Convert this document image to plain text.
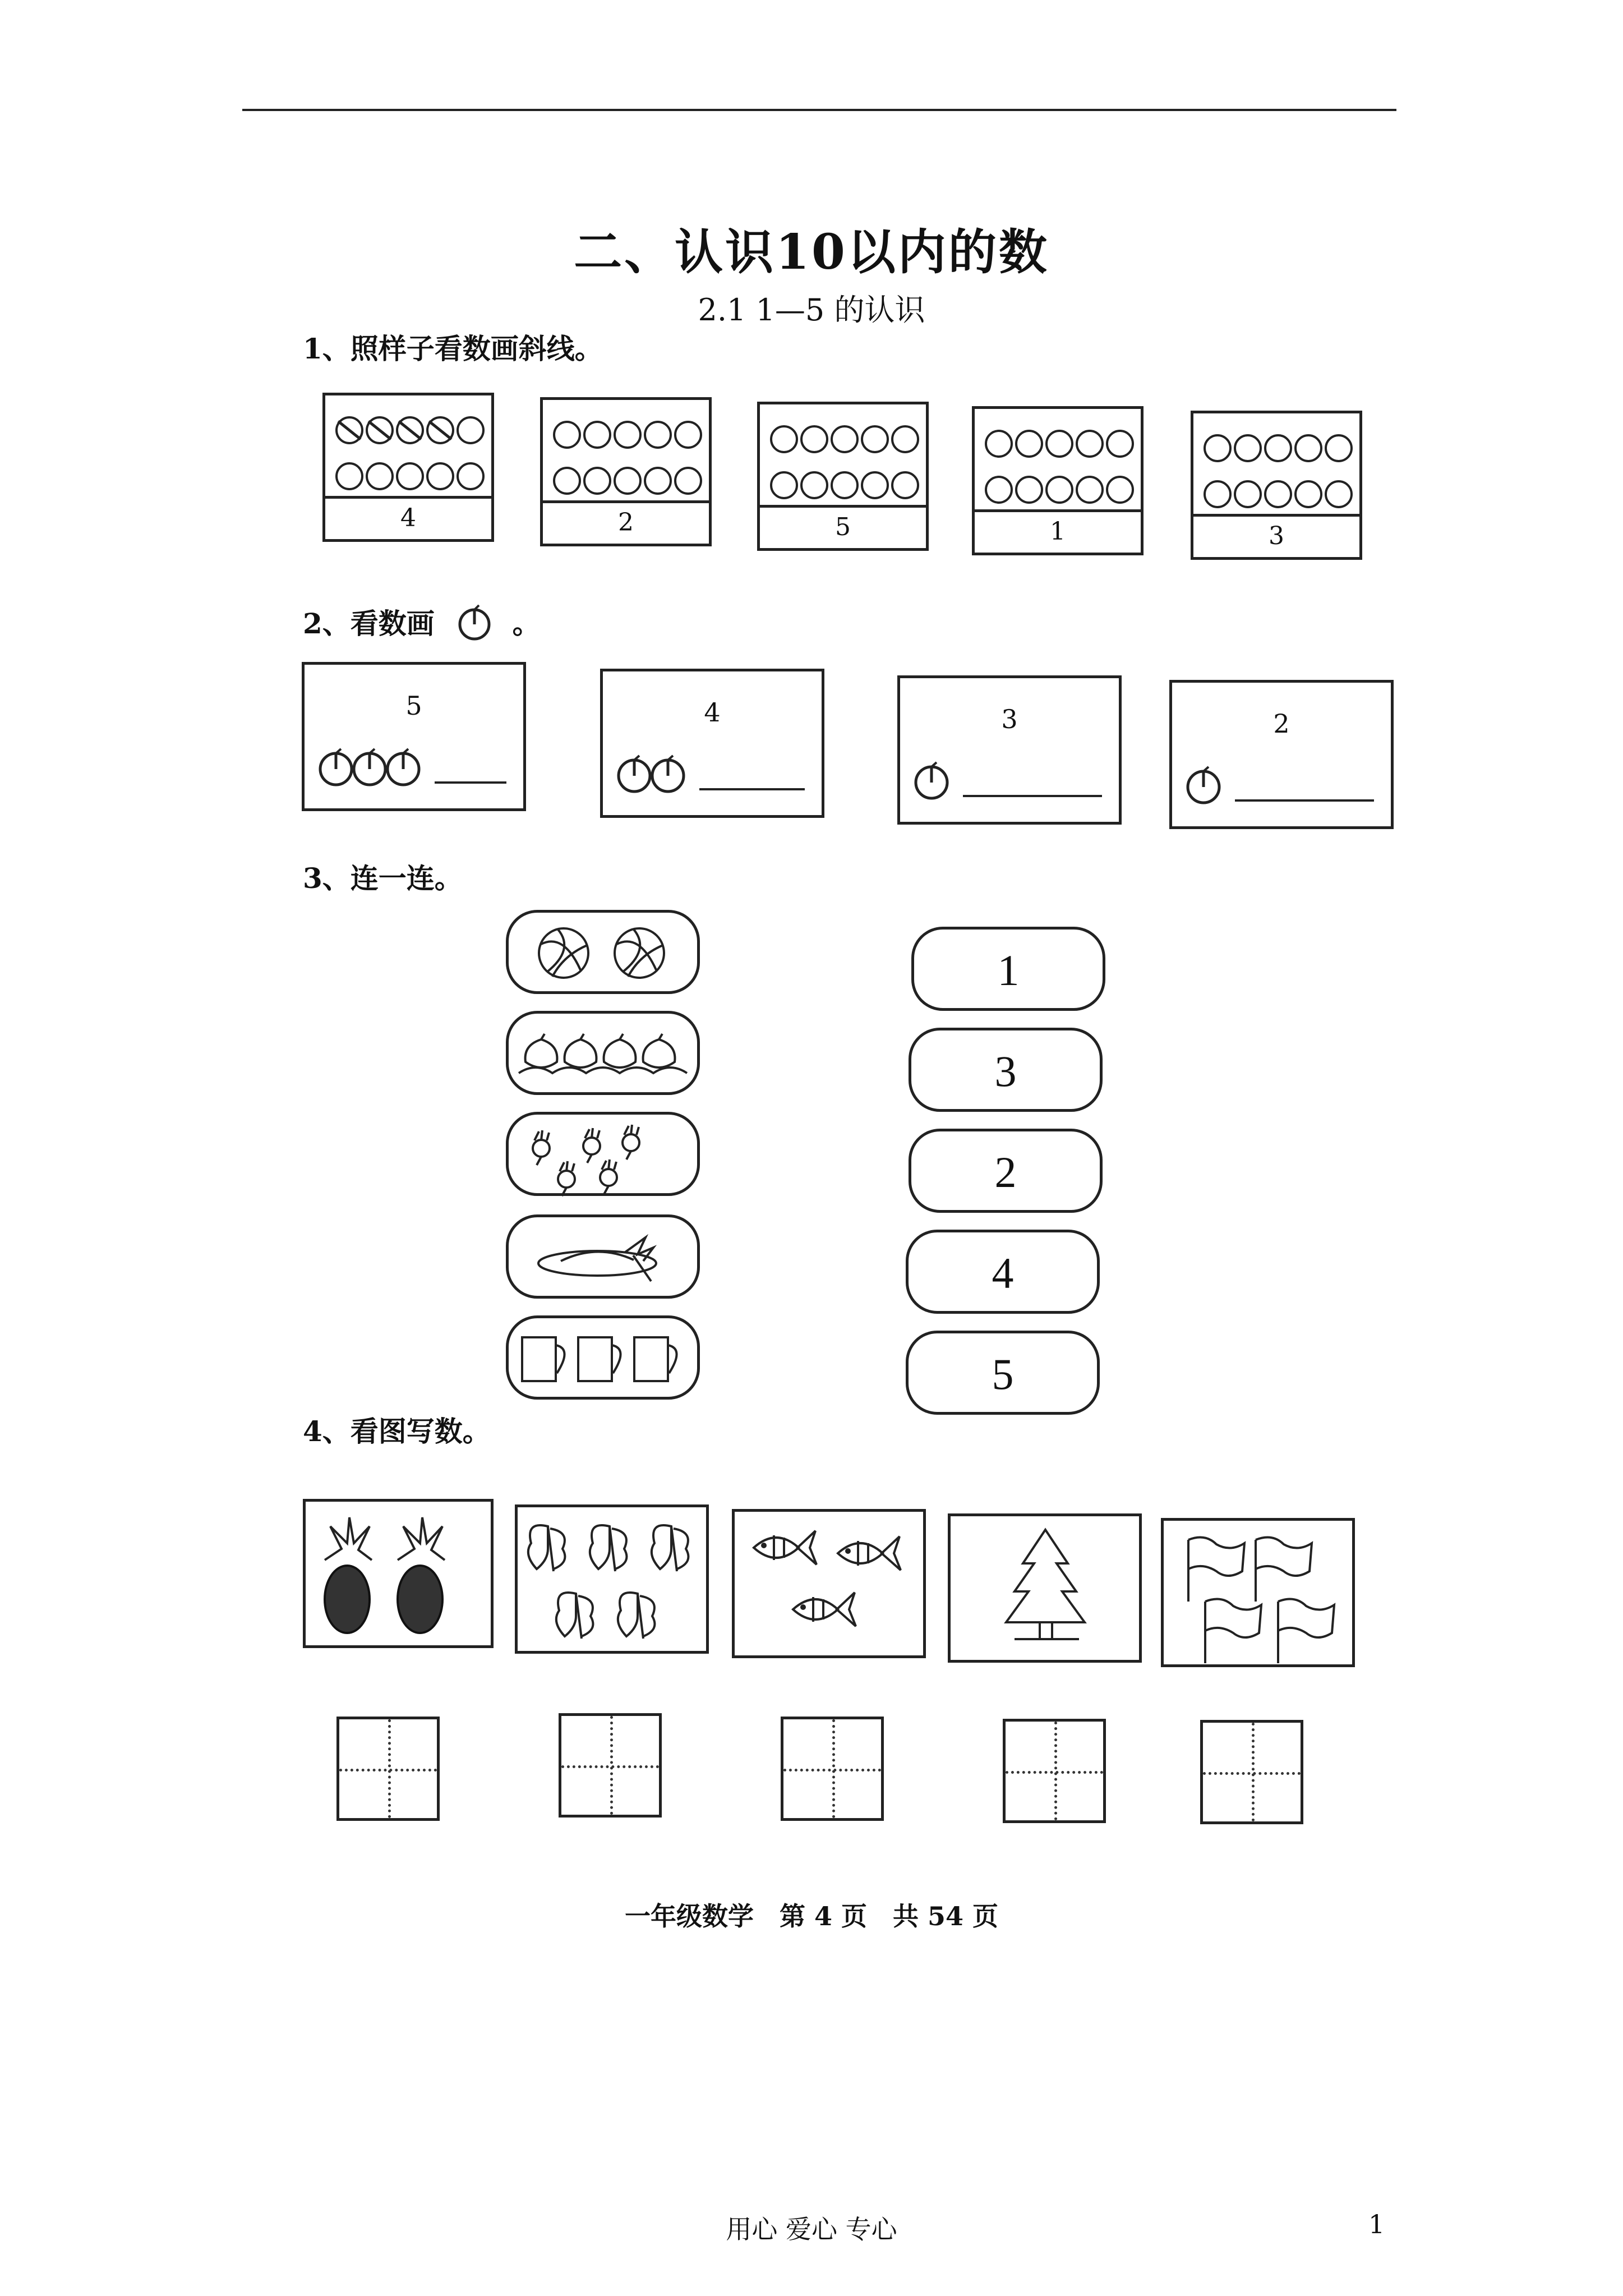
二、认识10以内的数
2.1 1—5 的认识
1、照样子看数画斜线。
4	2	5	1	3
2、看数画	。
5	4	3	2
3、连一连。
1
3
2
4
5
4、看图写数。
一年级数学　第 4 页　共 54 页
用心 爱心 专心	1
